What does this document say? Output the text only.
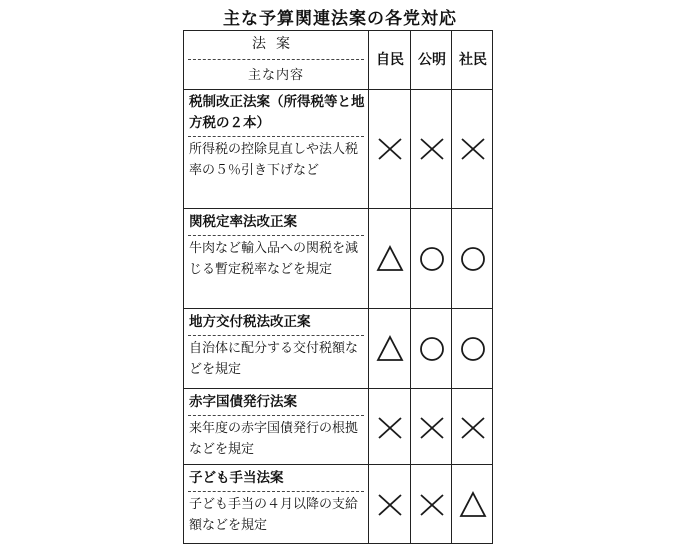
主な予算関連法案の各党対応
法案
主な内容
自民	公明 社民
税制改正法案（所得税等と地方税の２本）
所得税の控除見直しや法人税率の５％引き下げなど
関税定率法改正案
牛肉など輸入品への関税を減じる暫定税率などを規定
地方交付税法改正案
自治体に配分する交付税額などを規定
赤字国債発行法案
来年度の赤字国債発行の根拠などを規定
子ども手当法案
子ども手当の４月以降の支給額などを規定
